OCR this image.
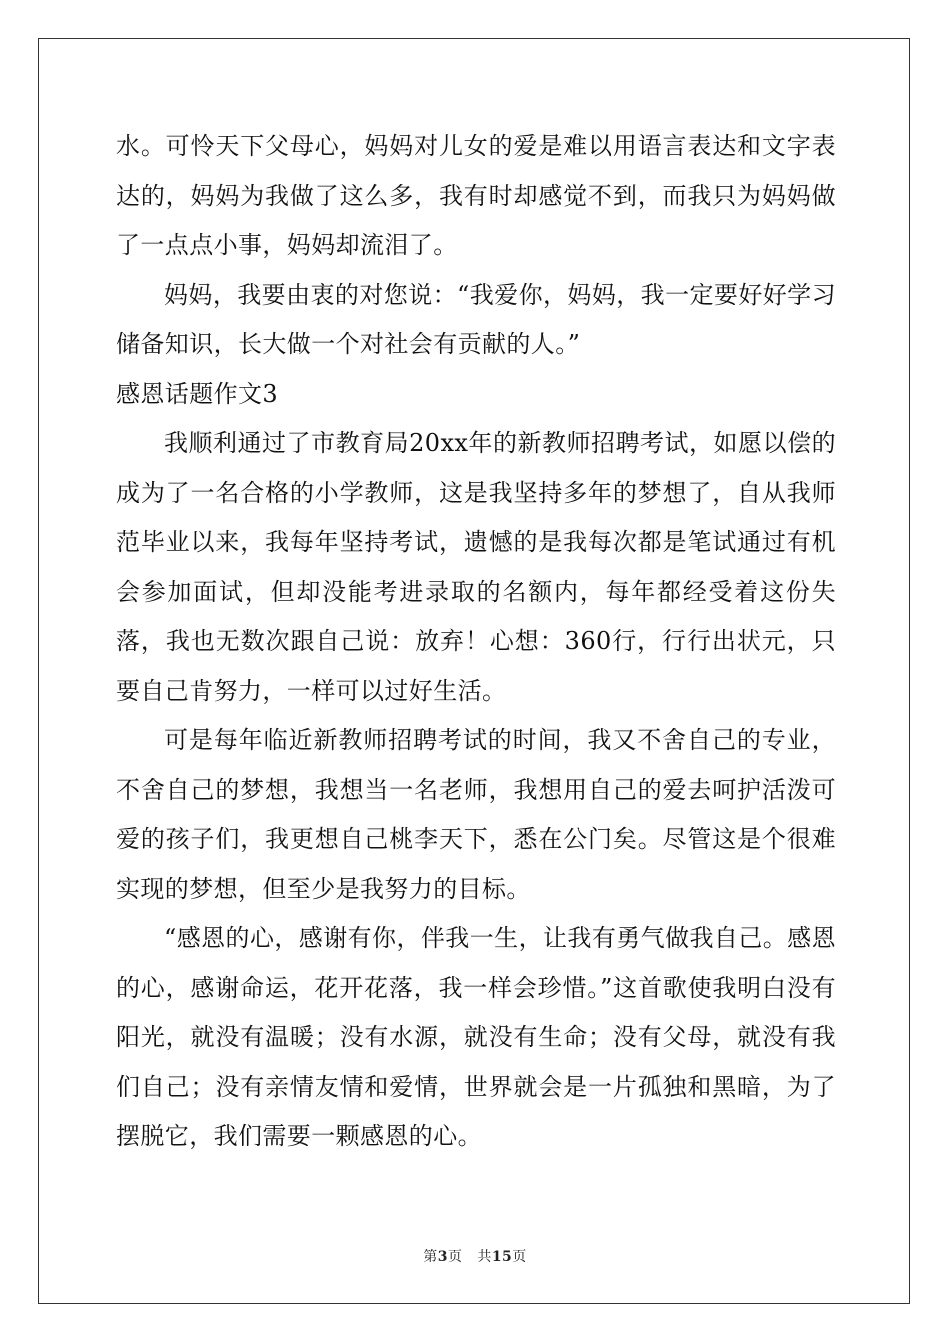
水。可怜天下父母心，妈妈对儿女的爱是难以用语言表达和文字表达的，妈妈为我做了这么多，我有时却感觉不到，而我只为妈妈做了一点点小事，妈妈却流泪了。

妈妈，我要由衷的对您说：“我爱你，妈妈，我一定要好好学习储备知识，长大做一个对社会有贡献的人。”

感恩话题作文3

我顺利通过了市教育局20xx年的新教师招聘考试，如愿以偿的成为了一名合格的小学教师，这是我坚持多年的梦想了，自从我师范毕业以来，我每年坚持考试，遗憾的是我每次都是笔试通过有机会参加面试，但却没能考进录取的名额内，每年都经受着这份失落，我也无数次跟自己说：放弃！心想：360行，行行出状元，只要自己肯努力，一样可以过好生活。

可是每年临近新教师招聘考试的时间，我又不舍自己的专业，不舍自己的梦想，我想当一名老师，我想用自己的爱去呵护活泼可爱的孩子们，我更想自己桃李天下，悉在公门矣。尽管这是个很难实现的梦想，但至少是我努力的目标。

“感恩的心，感谢有你，伴我一生，让我有勇气做我自己。感恩的心，感谢命运，花开花落，我一样会珍惜。”这首歌使我明白没有阳光，就没有温暖；没有水源，就没有生命；没有父母，就没有我们自己；没有亲情友情和爱情，世界就会是一片孤独和黑暗，为了摆脱它，我们需要一颗感恩的心。

第3页 共15页
